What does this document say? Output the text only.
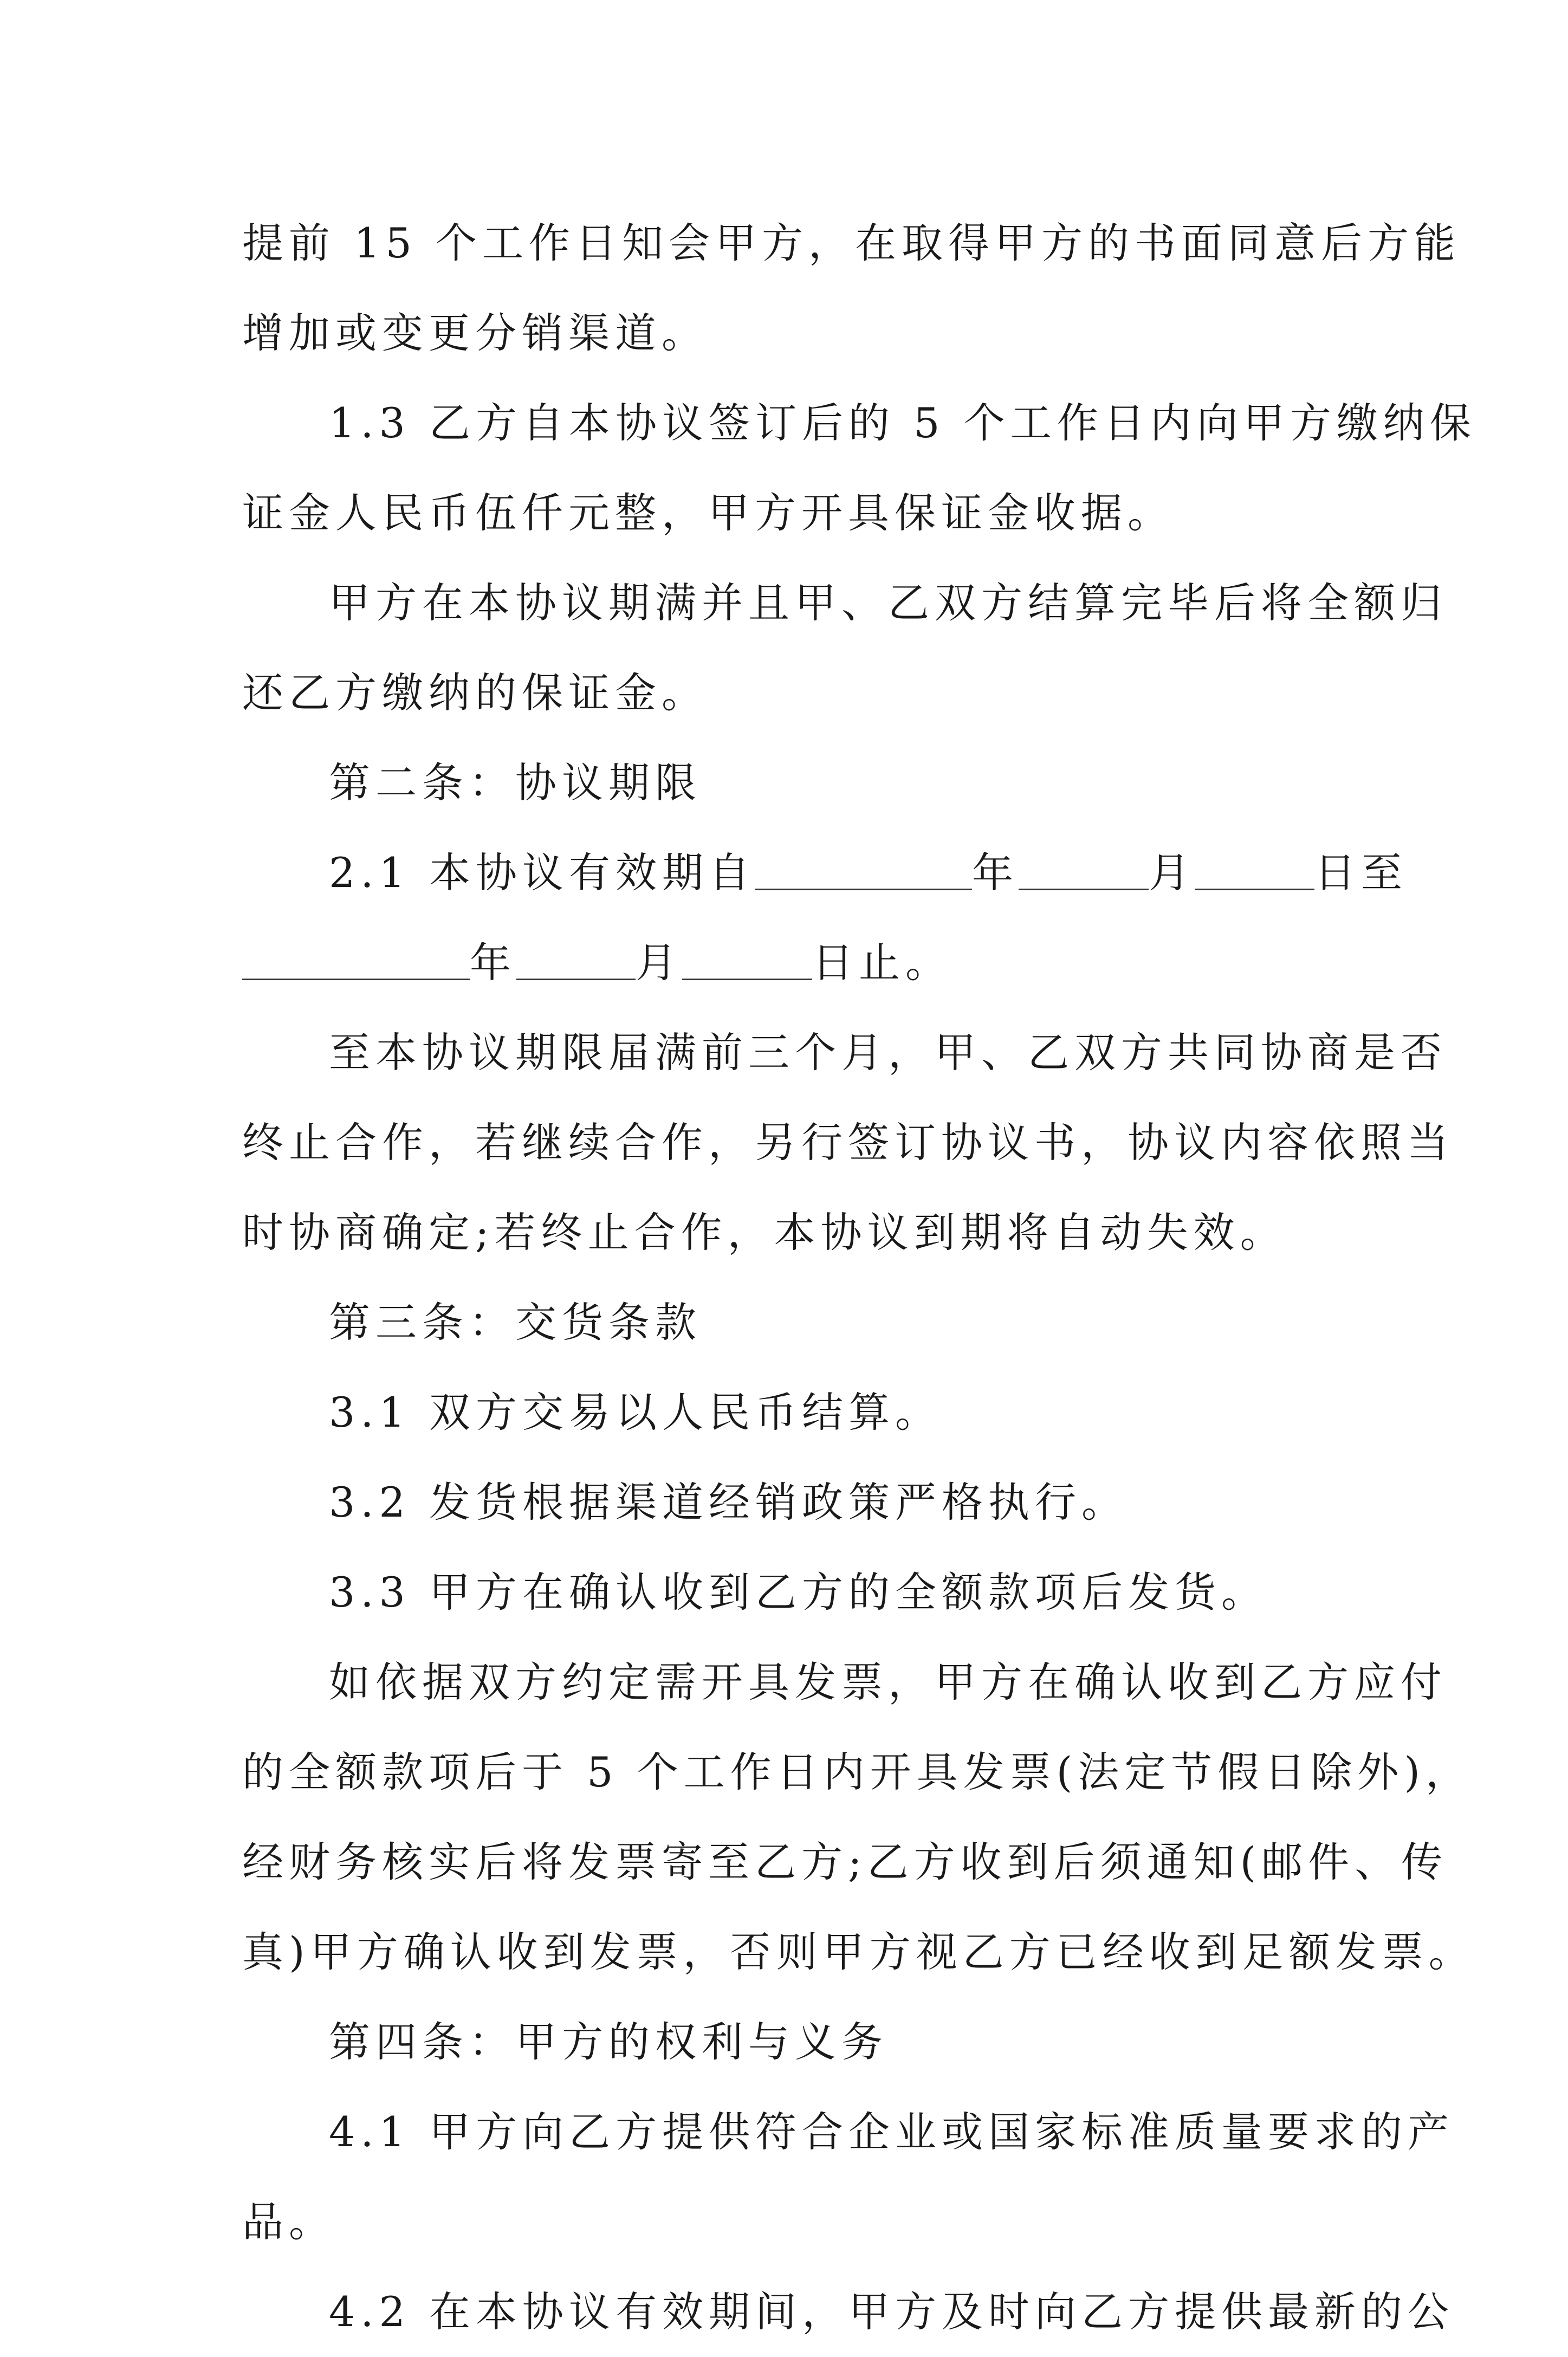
提前 15 个工作日知会甲方，在取得甲方的书面同意后方能
增加或变更分销渠道。
1.3 乙方自本协议签订后的 5 个工作日内向甲方缴纳保
证金人民币伍仟元整，甲方开具保证金收据。
甲方在本协议期满并且甲、乙双方结算完毕后将全额归
还乙方缴纳的保证金。
第二条：协议期限
2.1 本协议有效期自	年	月	日至
年	月	日止。
至本协议期限届满前三个月，甲、乙双方共同协商是否
终止合作，若继续合作，另行签订协议书，协议内容依照当
时协商确定;若终止合作，本协议到期将自动失效。
第三条：交货条款
3.1 双方交易以人民币结算。
3.2 发货根据渠道经销政策严格执行。
3.3 甲方在确认收到乙方的全额款项后发货。
如依据双方约定需开具发票，甲方在确认收到乙方应付
的全额款项后于 5 个工作日内开具发票(法定节假日除外)，
经财务核实后将发票寄至乙方;乙方收到后须通知(邮件、传
真)甲方确认收到发票，否则甲方视乙方已经收到足额发票。
第四条：甲方的权利与义务
4.1 甲方向乙方提供符合企业或国家标准质量要求的产
品。
4.2 在本协议有效期间，甲方及时向乙方提供最新的公
